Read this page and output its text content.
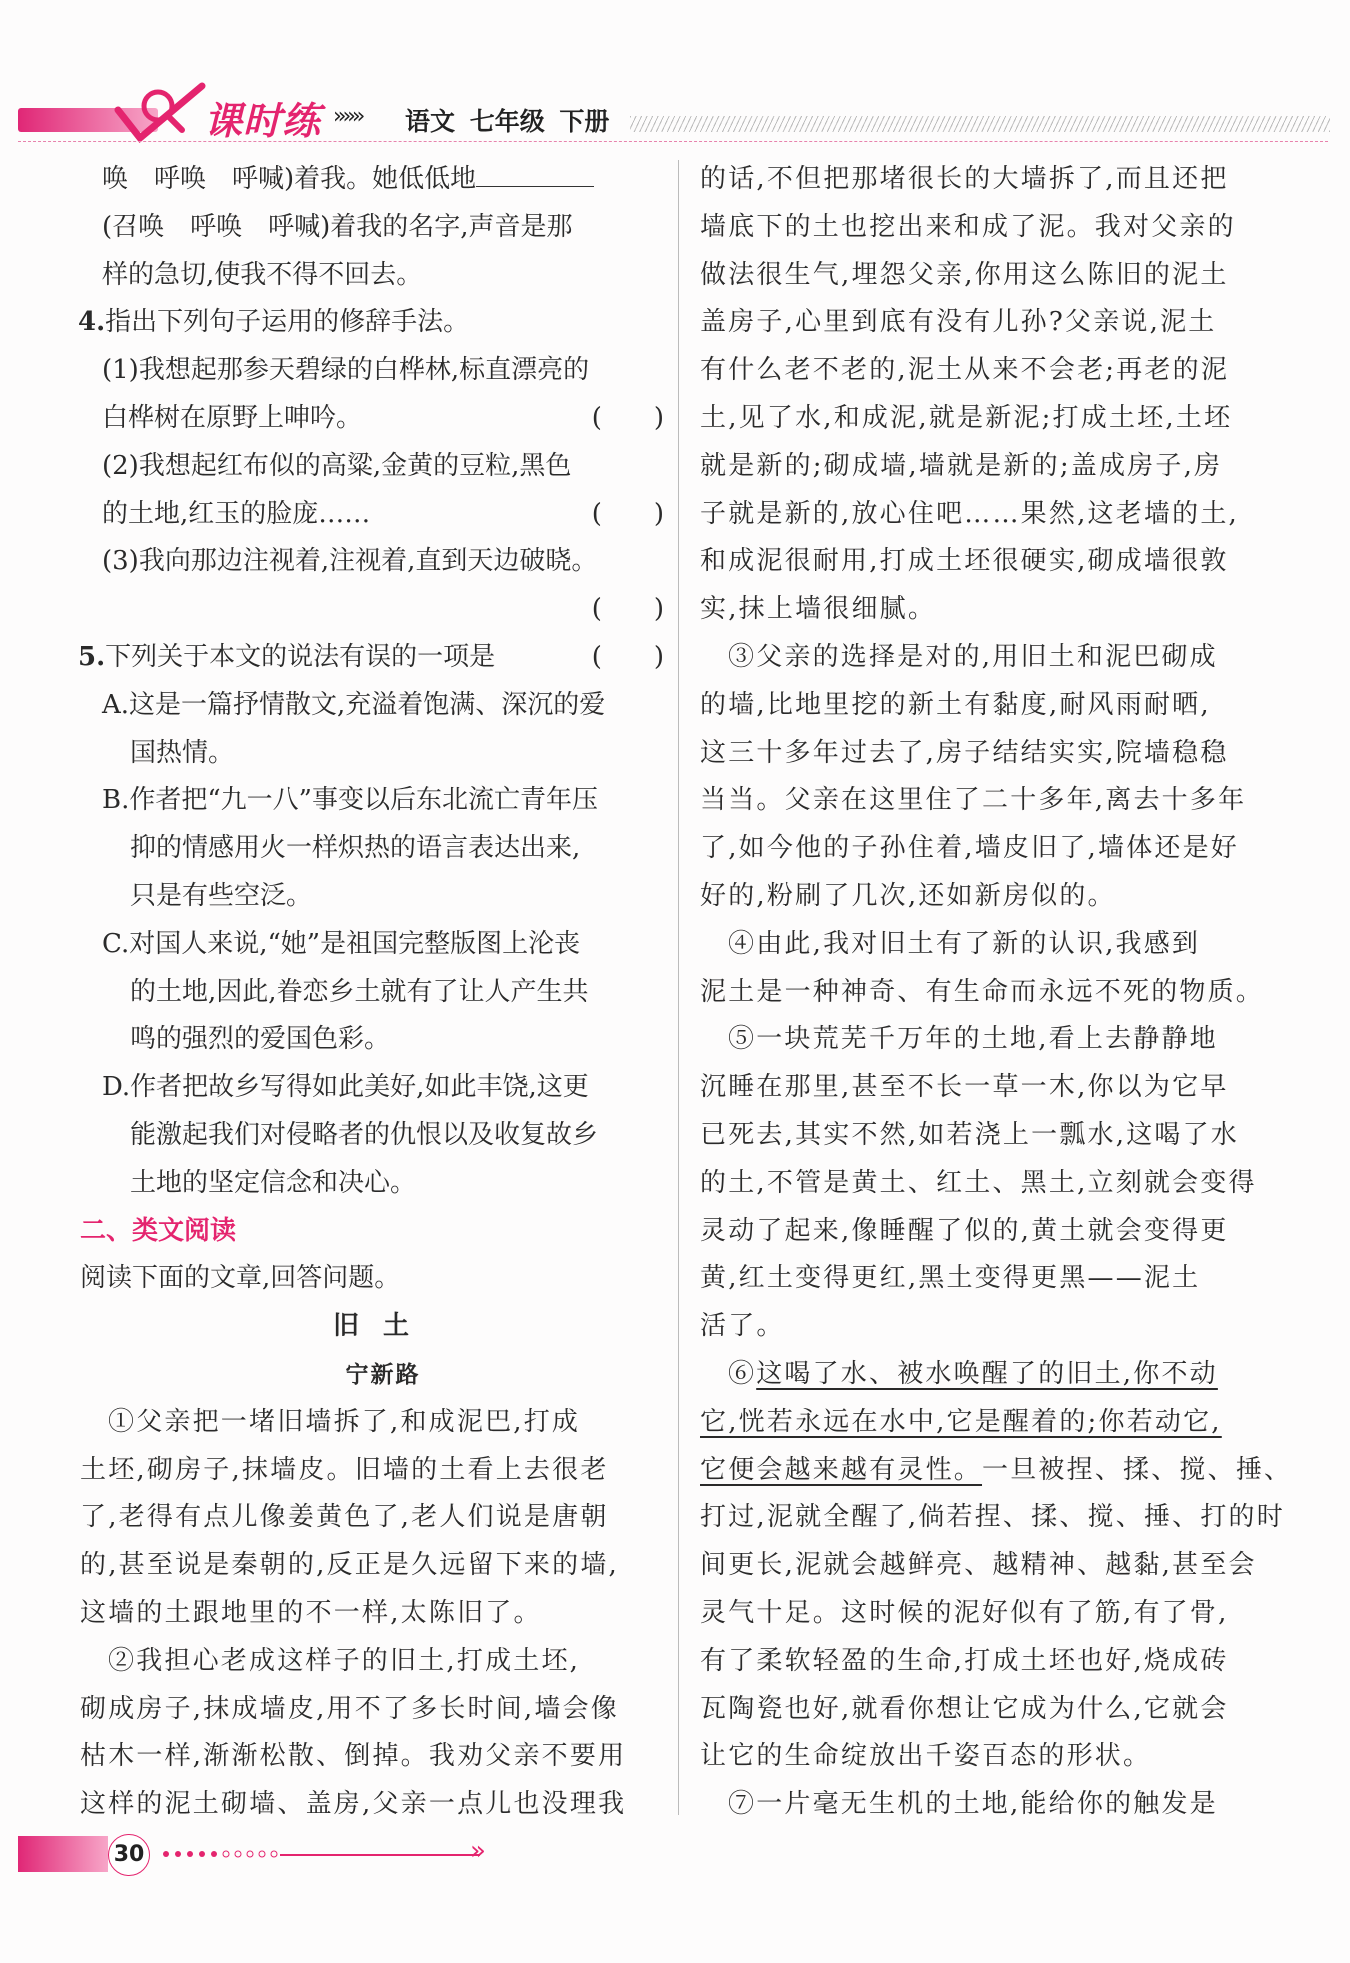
课时练 »»» 语文 七年级 下册
唤　呼唤　呼喊)着我。她低低地
(召唤　呼唤　呼喊)着我的名字,声音是那
样的急切,使我不得不回去。
4.指出下列句子运用的修辞手法。
(1)我想起那参天碧绿的白桦林,标直漂亮的
白桦树在原野上呻吟。	(　　)
(2)我想起红布似的高粱,金黄的豆粒,黑色
的土地,红玉的脸庞……	(　　)
(3)我向那边注视着,注视着,直到天边破晓。
(　　)
5.下列关于本文的说法有误的一项是	(　　)
A.这是一篇抒情散文,充溢着饱满、深沉的爱
国热情。
B.作者把“九一八”事变以后东北流亡青年压
抑的情感用火一样炽热的语言表达出来,
只是有些空泛。
C.对国人来说,“她”是祖国完整版图上沦丧
的土地,因此,眷恋乡土就有了让人产生共
鸣的强烈的爱国色彩。
D.作者把故乡写得如此美好,如此丰饶,这更
能激起我们对侵略者的仇恨以及收复故乡
土地的坚定信念和决心。
二、类文阅读
阅读下面的文章,回答问题。
旧土
宁新路
①父亲把一堵旧墙拆了,和成泥巴,打成
土坯,砌房子,抹墙皮。旧墙的土看上去很老
了,老得有点儿像姜黄色了,老人们说是唐朝
的,甚至说是秦朝的,反正是久远留下来的墙,
这墙的土跟地里的不一样,太陈旧了。
②我担心老成这样子的旧土,打成土坯,
砌成房子,抹成墙皮,用不了多长时间,墙会像
枯木一样,渐渐松散、倒掉。我劝父亲不要用
这样的泥土砌墙、盖房,父亲一点儿也没理我
的话,不但把那堵很长的大墙拆了,而且还把
墙底下的土也挖出来和成了泥。我对父亲的
做法很生气,埋怨父亲,你用这么陈旧的泥土
盖房子,心里到底有没有儿孙?父亲说,泥土
有什么老不老的,泥土从来不会老;再老的泥
土,见了水,和成泥,就是新泥;打成土坯,土坯
就是新的;砌成墙,墙就是新的;盖成房子,房
子就是新的,放心住吧……果然,这老墙的土,
和成泥很耐用,打成土坯很硬实,砌成墙很敦
实,抹上墙很细腻。
③父亲的选择是对的,用旧土和泥巴砌成
的墙,比地里挖的新土有黏度,耐风雨耐晒,
这三十多年过去了,房子结结实实,院墙稳稳
当当。父亲在这里住了二十多年,离去十多年
了,如今他的子孙住着,墙皮旧了,墙体还是好
好的,粉刷了几次,还如新房似的。
④由此,我对旧土有了新的认识,我感到
泥土是一种神奇、有生命而永远不死的物质。
⑤一块荒芜千万年的土地,看上去静静地
沉睡在那里,甚至不长一草一木,你以为它早
已死去,其实不然,如若浇上一瓢水,这喝了水
的土,不管是黄土、红土、黑土,立刻就会变得
灵动了起来,像睡醒了似的,黄土就会变得更
黄,红土变得更红,黑土变得更黑——泥土
活了。
⑥这喝了水、被水唤醒了的旧土,你不动
它,恍若永远在水中,它是醒着的;你若动它,
它便会越来越有灵性。一旦被捏、揉、搅、捶、
打过,泥就全醒了,倘若捏、揉、搅、捶、打的时
间更长,泥就会越鲜亮、越精神、越黏,甚至会
灵气十足。这时候的泥好似有了筋,有了骨,
有了柔软轻盈的生命,打成土坯也好,烧成砖
瓦陶瓷也好,就看你想让它成为什么,它就会
让它的生命绽放出千姿百态的形状。
⑦一片毫无生机的土地,能给你的触发是
30	»
